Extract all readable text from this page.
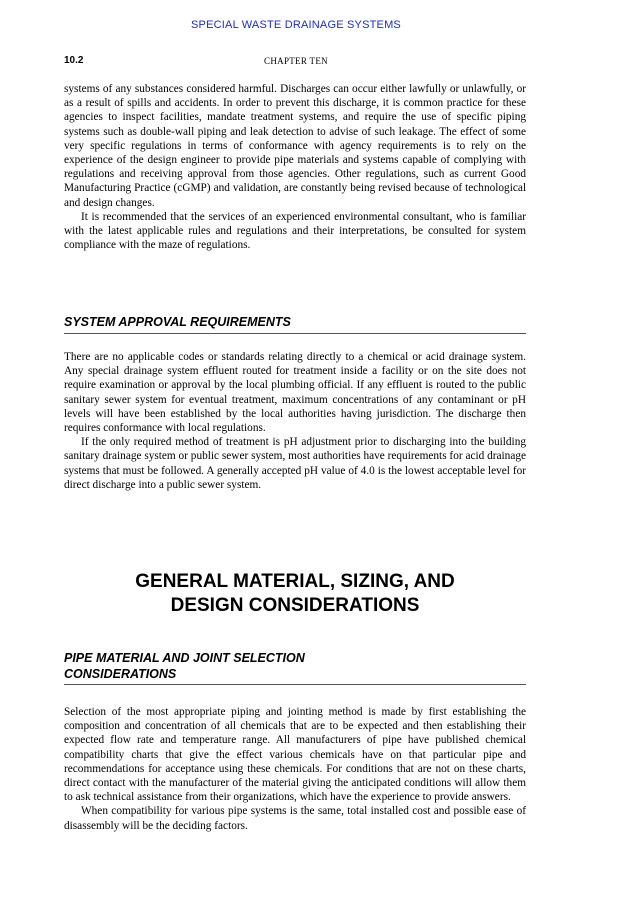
SPECIAL WASTE DRAINAGE SYSTEMS
10.2	CHAPTER TEN

systems of any substances considered harmful. Discharges can occur either lawfully or unlawfully, or as a result of spills and accidents. In order to prevent this discharge, it is common practice for these agencies to inspect facilities, mandate treatment systems, and require the use of specific piping systems such as double-wall piping and leak detection to advise of such leakage. The effect of some very specific regulations in terms of conformance with agency requirements is to rely on the experience of the design engineer to provide pipe materials and systems capable of complying with regulations and receiving approval from those agencies. Other regulations, such as current Good Manufacturing Practice (cGMP) and validation, are constantly being revised because of technological and design changes.

It is recommended that the services of an experienced environmental consultant, who is familiar with the latest applicable rules and regulations and their interpretations, be consulted for system compliance with the maze of regulations.

SYSTEM APPROVAL REQUIREMENTS

There are no applicable codes or standards relating directly to a chemical or acid drainage system. Any special drainage system effluent routed for treatment inside a facility or on the site does not require examination or approval by the local plumbing official. If any effluent is routed to the public sanitary sewer system for eventual treatment, maximum concentrations of any contaminant or pH levels will have been established by the local authorities having jurisdiction. The discharge then requires conformance with local regulations.

If the only required method of treatment is pH adjustment prior to discharging into the building sanitary drainage system or public sewer system, most authorities have requirements for acid drainage systems that must be followed. A generally accepted pH value of 4.0 is the lowest acceptable level for direct discharge into a public sewer system.

GENERAL MATERIAL, SIZING, AND
DESIGN CONSIDERATIONS
PIPE MATERIAL AND JOINT SELECTION
CONSIDERATIONS

Selection of the most appropriate piping and jointing method is made by first establishing the composition and concentration of all chemicals that are to be expected and then establishing their expected flow rate and temperature range. All manufacturers of pipe have published chemical compatibility charts that give the effect various chemicals have on that particular pipe and recommendations for acceptance using these chemicals. For conditions that are not on these charts, direct contact with the manufacturer of the material giving the anticipated conditions will allow them to ask technical assistance from their organizations, which have the experience to provide answers.

When compatibility for various pipe systems is the same, total installed cost and possible ease of disassembly will be the deciding factors.
